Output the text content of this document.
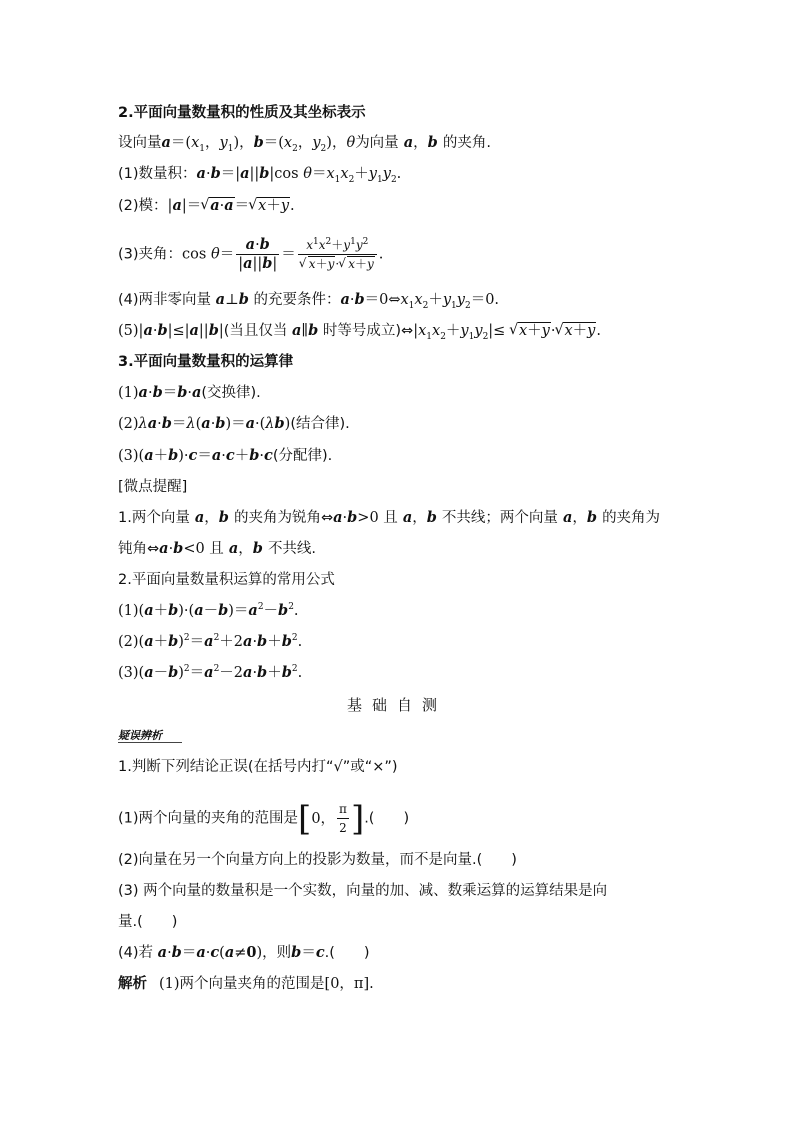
2.平面向量数量积的性质及其坐标表示
设向量$a=(x_1$，$y_1$)，$b=(x_2$，$y_2$)，θ为向量 a，b 的夹角.
(1)数量积：a·b＝|a||b|cos $\theta=x_1x_2+y_1y_2$.
(2)模：|a|＝ √ a·a＝ √ x＋y.
(3)夹角：$\cos \theta= \frac{a\cdot b}{|a||b|} = x^1x^2+y^1y^2$
√ x＋y· √ x＋y .
(4)两非零向量 a⊥b 的充要条件：$a\cdot b=0\Leftrightarrow x_1x_2+y_1y_2=0$.
(5)|a·b|≤|a||b|(当且仅当 a∥b 时等号成立)$\Leftrightarrow|x_1x_2+y_1y_2|\le$ √ x＋y· √ x＋y.
3.平面向量数量积的运算律
(1)a·b＝b·a(交换律).
(2)λa·b＝λ(a·b)＝a·(λb)(结合律).
(3)(a＋b)·c＝a·c＋b·c(分配律).
[微点提醒]
1.两个向量 a，b 的夹角为锐角⇔a·b>0 且 a，b 不共线；两个向量 a，b 的夹角为
钝角⇔a·b<0 且 a，b 不共线.
2.平面向量数量积运算的常用公式
$(1)(a+b)\cdot(a-b)=a^2-b^2$.
$(2)(a+b)^2=a^2+2a\cdot b+b^2$.
$(3)(a-b)^2=a^2-2a\cdot b+b^2$.
基础自测
疑误辨析
1.判断下列结论正误(在括号内打“√”或“×”)
(1)两个向量的夹角的范围是[0， $\frac{\pi}{2}$ ].(　　)
(2)向量在另一个向量方向上的投影为数量，而不是向量.(　　)
(3) 两个向量的数量积是一个实数，向量的加、减、数乘运算的运算结果是向
量.(　　)
(4)若 a·b＝a·c(a≠0)，则b＝c.(　　)
解析 (1)两个向量夹角的范围是[0，π].
